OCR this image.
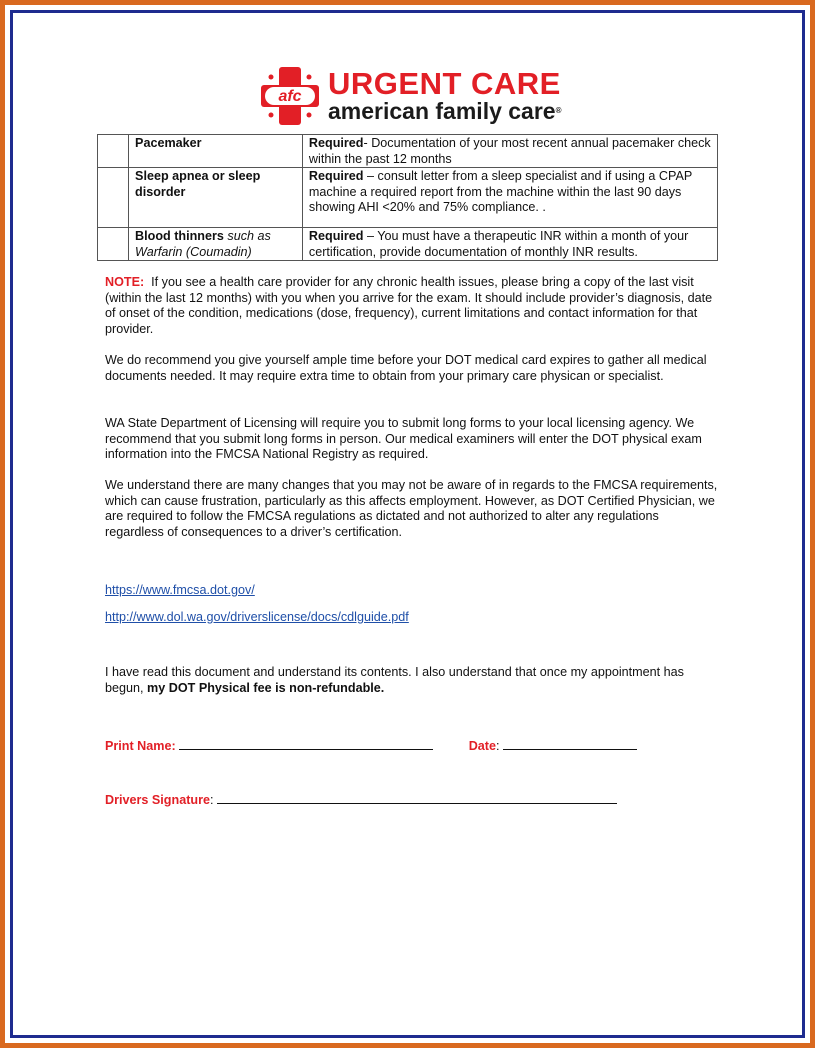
afc URGENT CARE
american family care®
	Pacemaker	Required- Documentation of your most recent annual pacemaker check within the past 12 months
	Sleep apnea or sleep disorder	Required – consult letter from a sleep specialist and if using a CPAP machine a required report from the machine within the last 90 days showing AHI <20% and 75% compliance. .
	Blood thinners such as Warfarin (Coumadin)	Required – You must have a therapeutic INR within a month of your certification, provide documentation of monthly INR results.

NOTE:  If you see a health care provider for any chronic health issues, please bring a copy of the last visit (within the last 12 months) with you when you arrive for the exam. It should include provider’s diagnosis, date of onset of the condition, medications (dose, frequency), current limitations and contact information for that provider.

We do recommend you give yourself ample time before your DOT medical card expires to gather all medical documents needed. It may require extra time to obtain from your primary care physican or specialist.

WA State Department of Licensing will require you to submit long forms to your local licensing agency. We recommend that you submit long forms in person. Our medical examiners will enter the DOT physical exam information into the FMCSA National Registry as required.

We understand there are many changes that you may not be aware of in regards to the FMCSA requirements, which can cause frustration, particularly as this affects employment. However, as DOT Certified Physician, we are required to follow the FMCSA regulations as dictated and not authorized to alter any regulations regardless of consequences to a driver’s certification.

https://www.fmcsa.dot.gov/
http://www.dol.wa.gov/driverslicense/docs/cdlguide.pdf

I have read this document and understand its contents. I also understand that once my appointment has begun, my DOT Physical fee is non-refundable.

Print Name:	Date:
Drivers Signature:
